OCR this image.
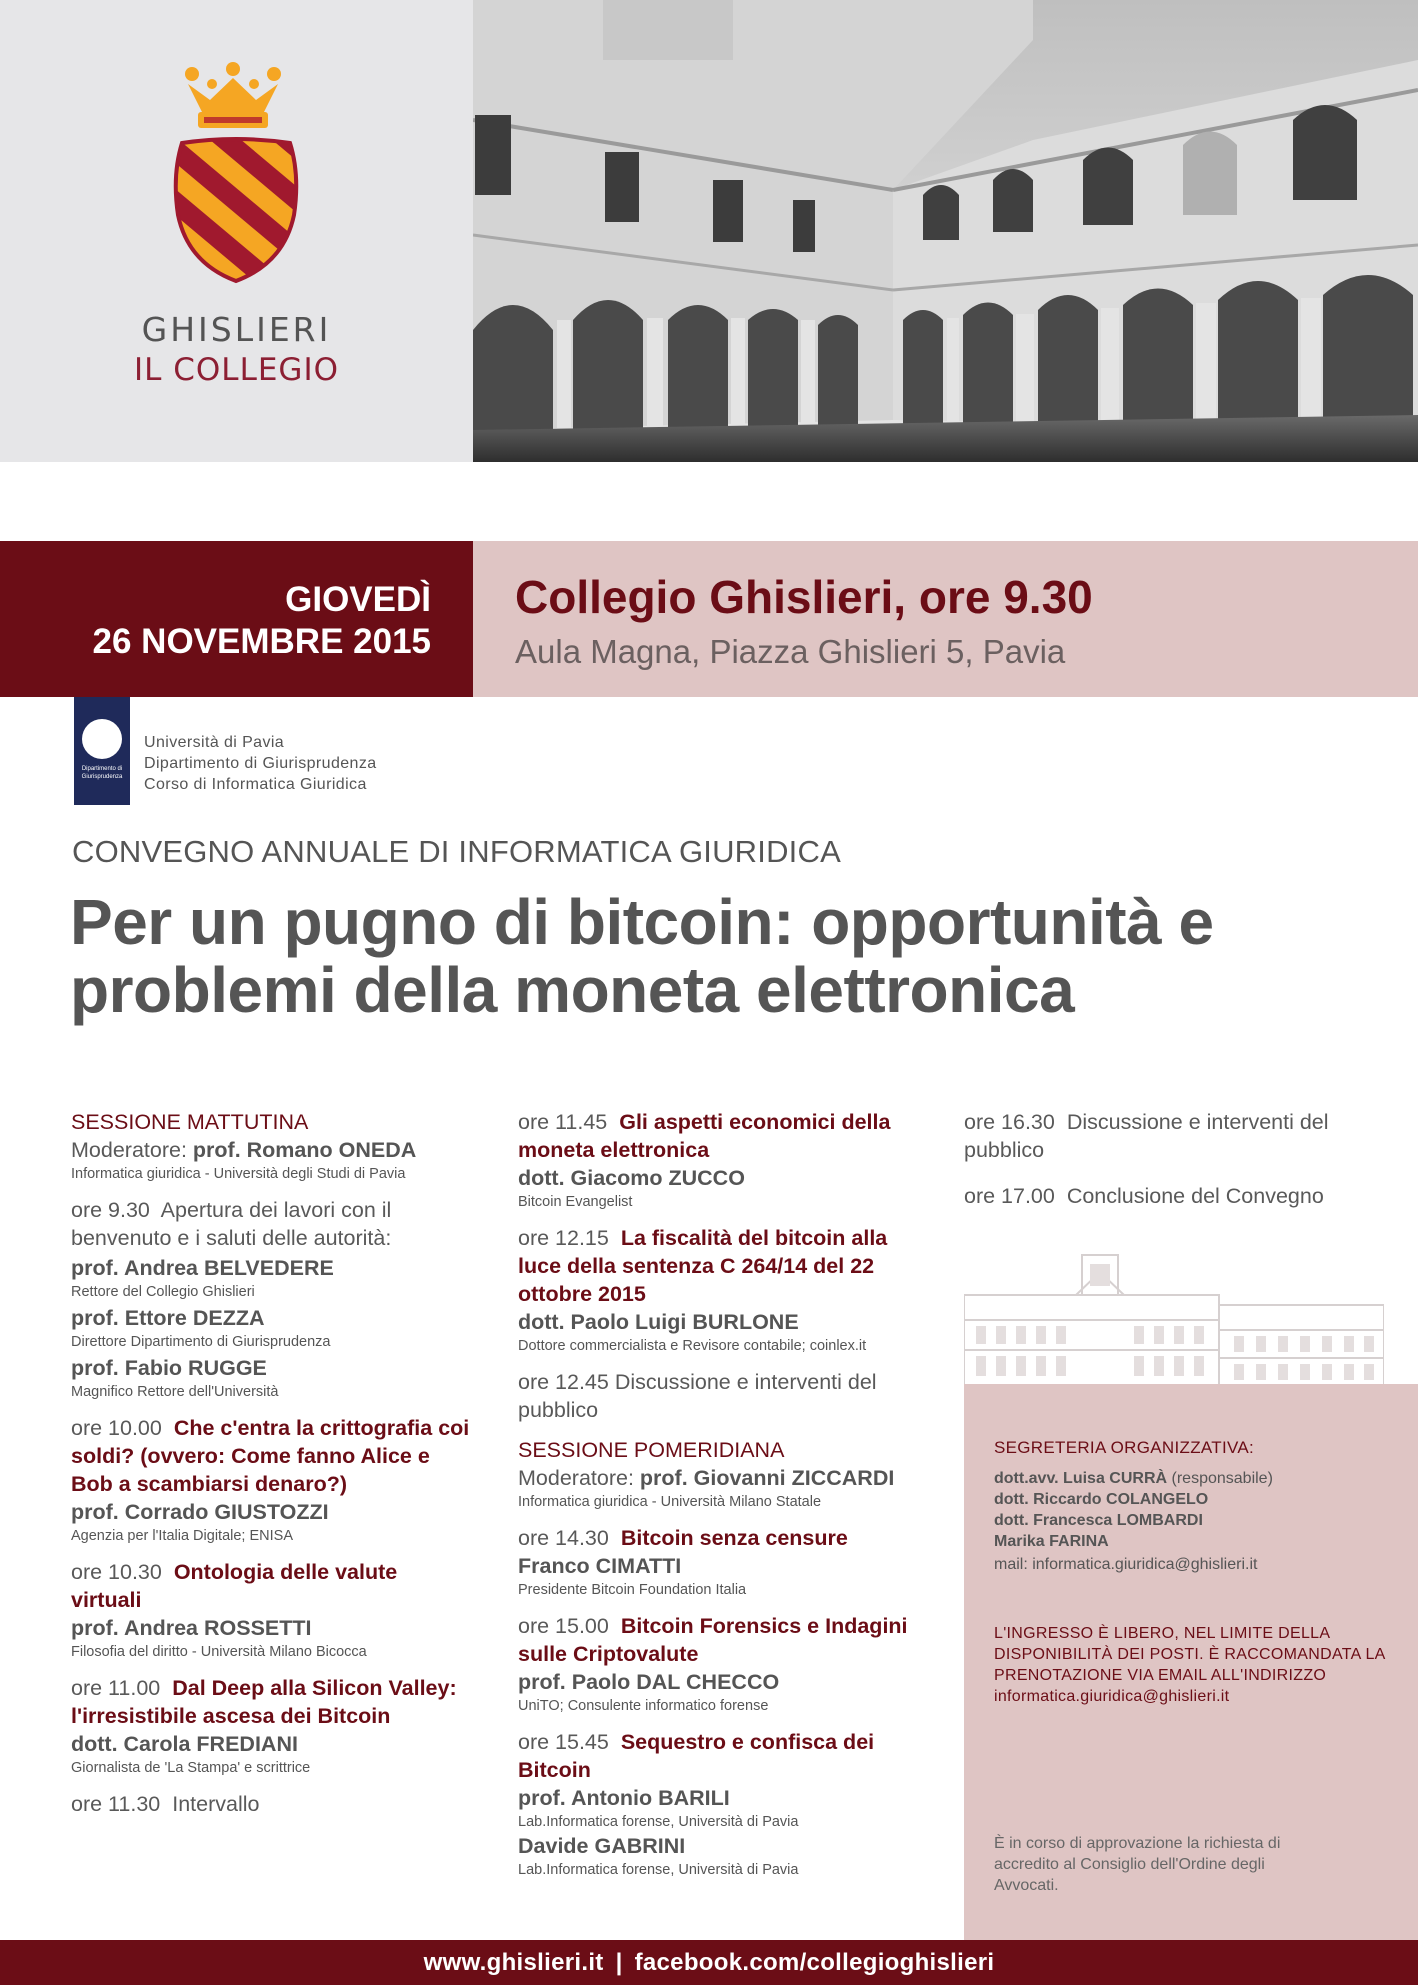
GHISLIERI
IL COLLEGIO
GIOVEDÌ
26 NOVEMBRE 2015
Collegio Ghislieri, ore 9.30
Aula Magna, Piazza Ghislieri 5, Pavia
Dipartimento di Giurisprudenza
Università di Pavia
Dipartimento di Giurisprudenza
Corso di Informatica Giuridica
CONVEGNO ANNUALE DI INFORMATICA GIURIDICA
Per un pugno di bitcoin: opportunità e problemi della moneta elettronica
SESSIONE MATTUTINA
Moderatore: prof. Romano ONEDA
Informatica giuridica - Università degli Studi di Pavia
ore 9.30 Apertura dei lavori con il benvenuto e i saluti delle autorità:
prof. Andrea BELVEDERE
Rettore del Collegio Ghislieri
prof. Ettore DEZZA
Direttore Dipartimento di Giurisprudenza
prof. Fabio RUGGE
Magnifico Rettore dell'Università
ore 10.00 Che c'entra la crittografia coi soldi? (ovvero: Come fanno Alice e Bob a scambiarsi denaro?)
prof. Corrado GIUSTOZZI
Agenzia per l'Italia Digitale; ENISA
ore 10.30 Ontologia delle valute virtuali
prof. Andrea ROSSETTI
Filosofia del diritto - Università Milano Bicocca
ore 11.00 Dal Deep alla Silicon Valley: l'irresistibile ascesa dei Bitcoin
dott. Carola FREDIANI
Giornalista de 'La Stampa' e scrittrice
ore 11.30 Intervallo
ore 11.45 Gli aspetti economici della moneta elettronica
dott. Giacomo ZUCCO
Bitcoin Evangelist
ore 12.15 La fiscalità del bitcoin alla luce della sentenza C 264/14 del 22 ottobre 2015
dott. Paolo Luigi BURLONE
Dottore commercialista e Revisore contabile; coinlex.it
ore 12.45 Discussione e interventi del pubblico
SESSIONE POMERIDIANA
Moderatore: prof. Giovanni ZICCARDI
Informatica giuridica - Università Milano Statale
ore 14.30 Bitcoin senza censure
Franco CIMATTI
Presidente Bitcoin Foundation Italia
ore 15.00 Bitcoin Forensics e Indagini sulle Criptovalute
prof. Paolo DAL CHECCO
UniTO; Consulente informatico forense
ore 15.45 Sequestro e confisca dei Bitcoin
prof. Antonio BARILI
Lab.Informatica forense, Università di Pavia
Davide GABRINI
Lab.Informatica forense, Università di Pavia
ore 16.30 Discussione e interventi del pubblico
ore 17.00 Conclusione del Convegno
SEGRETERIA ORGANIZZATIVA:
dott.avv. Luisa CURRÀ (responsabile)
dott. Riccardo COLANGELO
dott. Francesca LOMBARDI
Marika FARINA
mail: informatica.giuridica@ghislieri.it
L'INGRESSO È LIBERO, NEL LIMITE DELLA DISPONIBILITÀ DEI POSTI. È RACCOMANDATA LA PRENOTAZIONE VIA EMAIL ALL'INDIRIZZO
informatica.giuridica@ghislieri.it
È in corso di approvazione la richiesta di accredito al Consiglio dell'Ordine degli Avvocati.
www.ghislieri.it | facebook.com/collegioghislieri
